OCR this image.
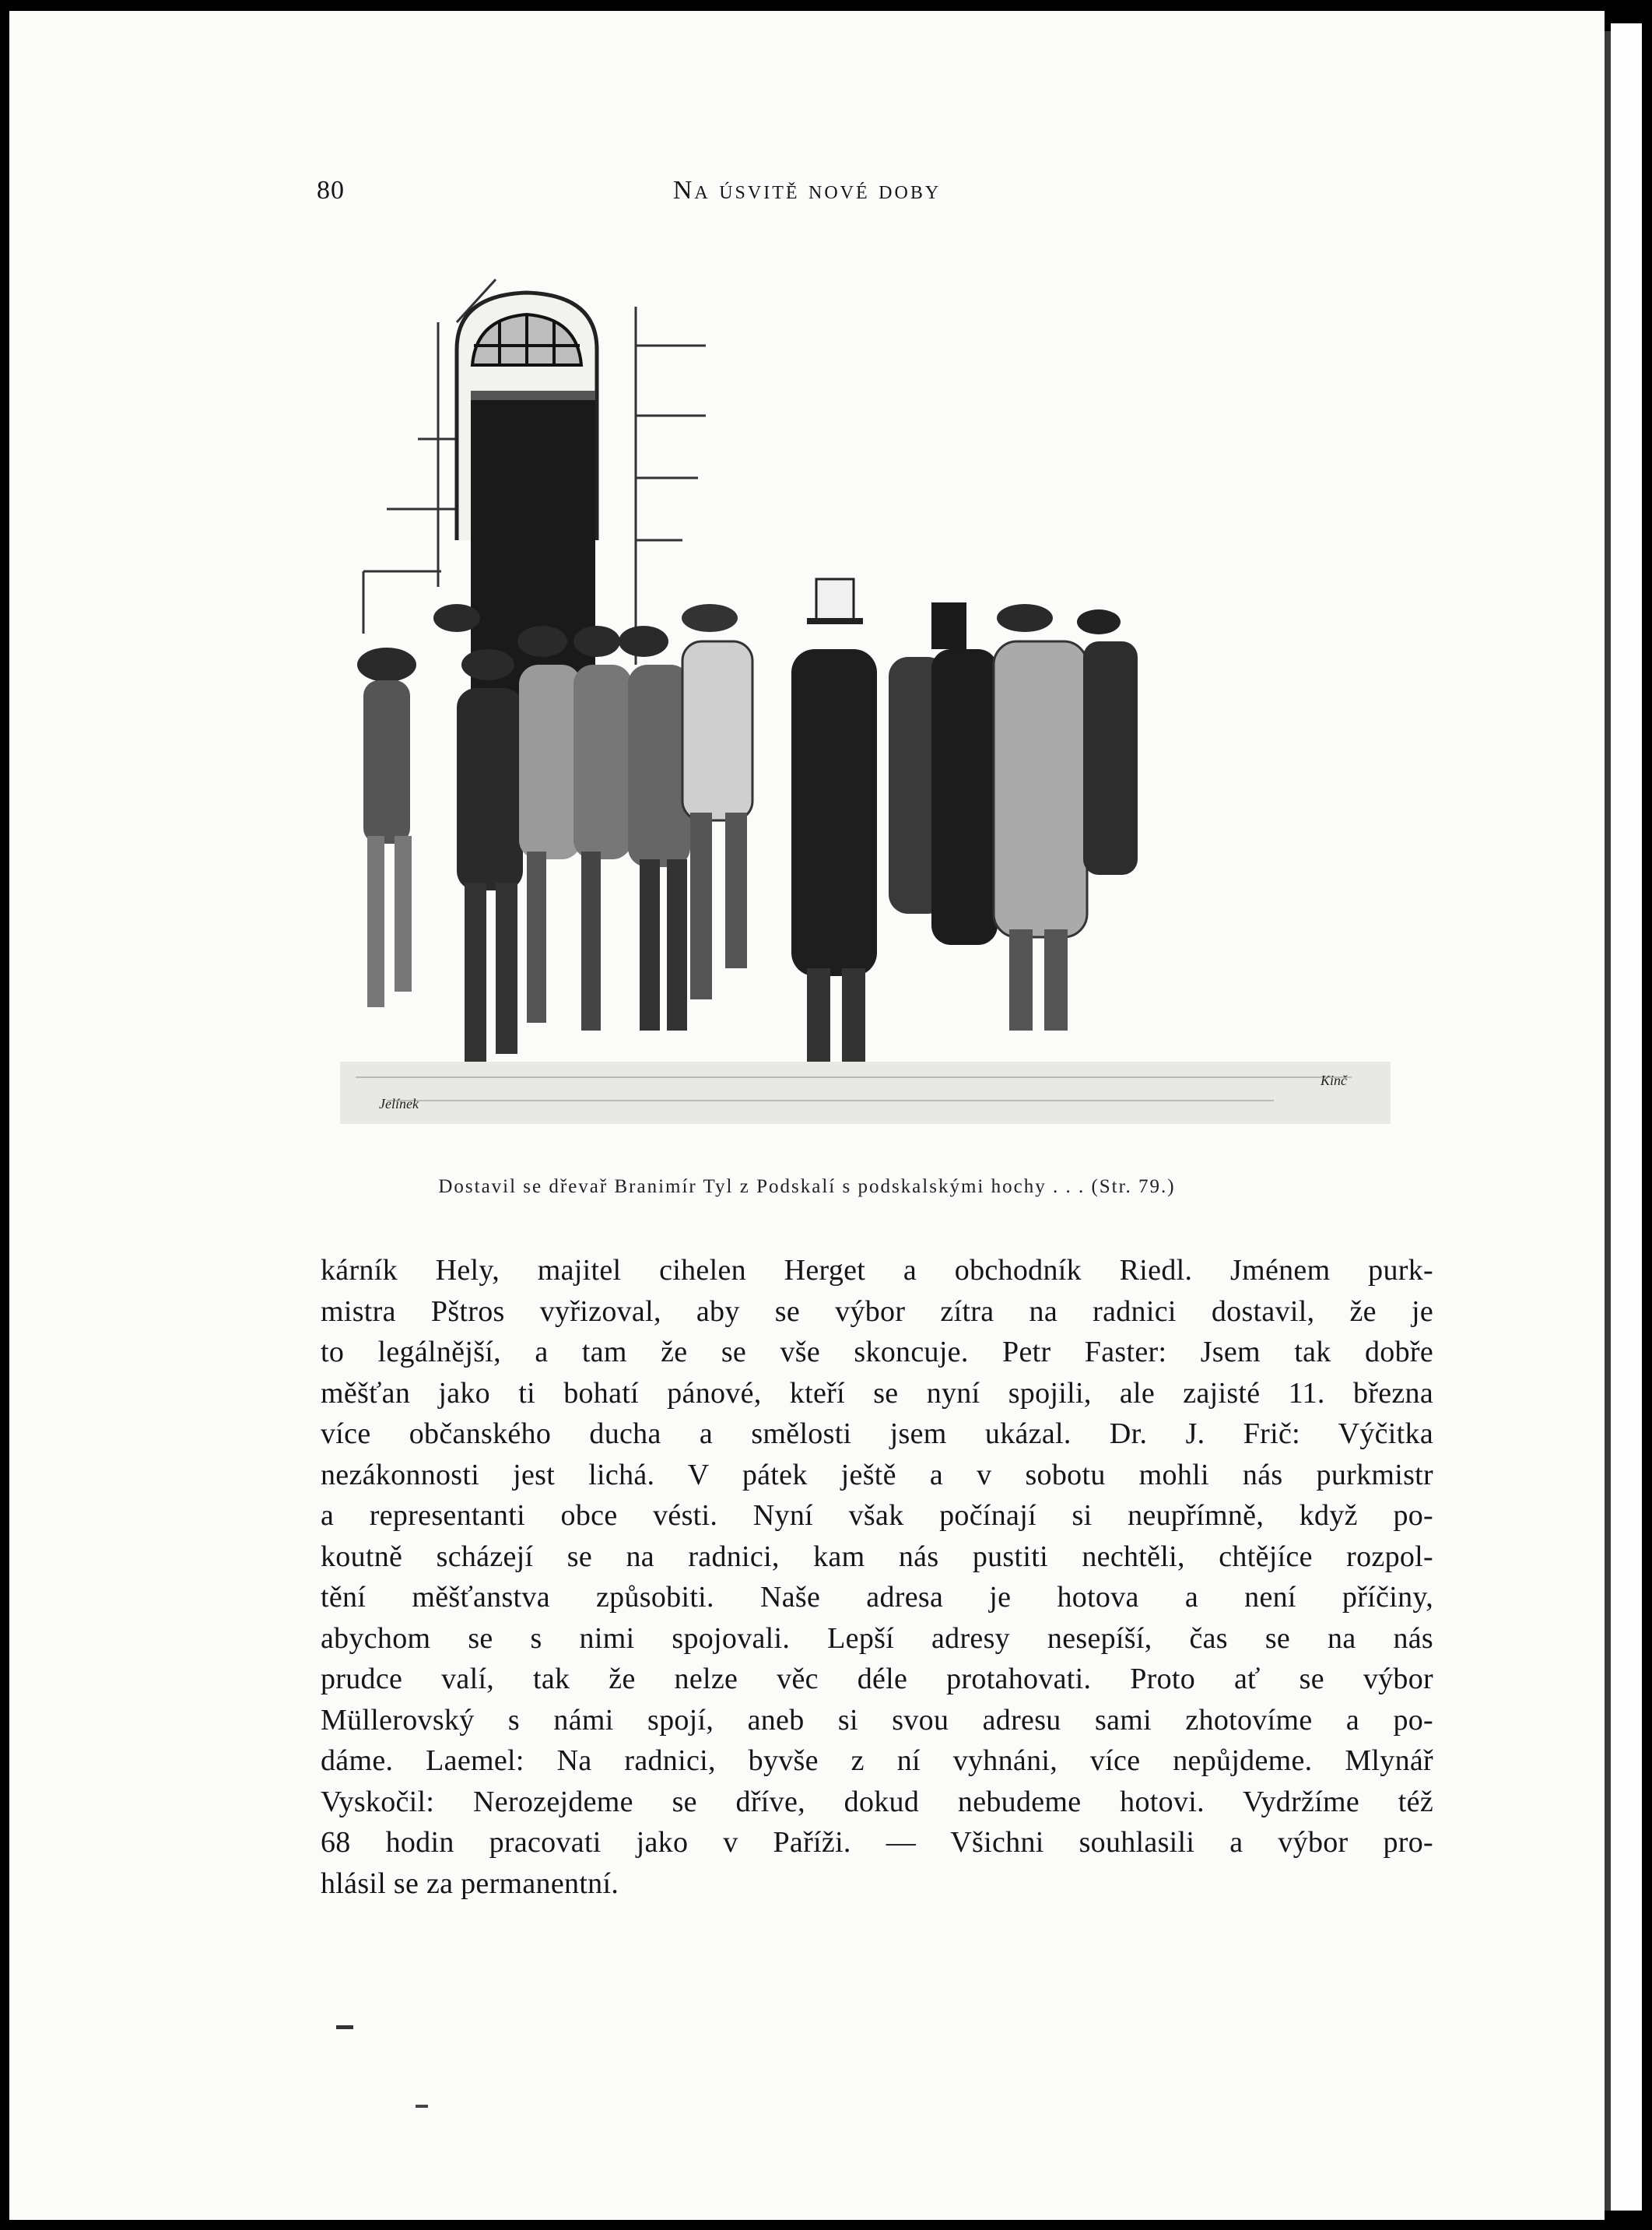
80	Na úsvitě nové doby
Jelínek
Kinč
Dostavil se dřevař Branimír Tyl z Podskalí s podskalskými hochy . . . (Str. 79.)
kárník Hely, majitel cihelen Herget a obchodník Riedl. Jménem purk-
mistra Pštros vyřizoval, aby se výbor zítra na radnici dostavil, že je
to legálnější, a tam že se vše skoncuje. Petr Faster: Jsem tak dobře
měšťan jako ti bohatí pánové, kteří se nyní spojili, ale zajisté 11. března
více občanského ducha a smělosti jsem ukázal. Dr. J. Frič: Výčitka
nezákonnosti jest lichá. V pátek ještě a v sobotu mohli nás purkmistr
a representanti obce vésti. Nyní však počínají si neupřímně, když po-
koutně scházejí se na radnici, kam nás pustiti nechtěli, chtějíce rozpol-
tění měšťanstva způsobiti. Naše adresa je hotova a není příčiny,
abychom se s nimi spojovali. Lepší adresy nesepíší, čas se na nás
prudce valí, tak že nelze věc déle protahovati. Proto ať se výbor
Müllerovský s námi spojí, aneb si svou adresu sami zhotovíme a po-
dáme. Laemel: Na radnici, byvše z ní vyhnáni, více nepůjdeme. Mlynář
Vyskočil: Nerozejdeme se dříve, dokud nebudeme hotovi. Vydržíme též
68 hodin pracovati jako v Paříži. — Všichni souhlasili a výbor pro-
hlásil se za permanentní.
